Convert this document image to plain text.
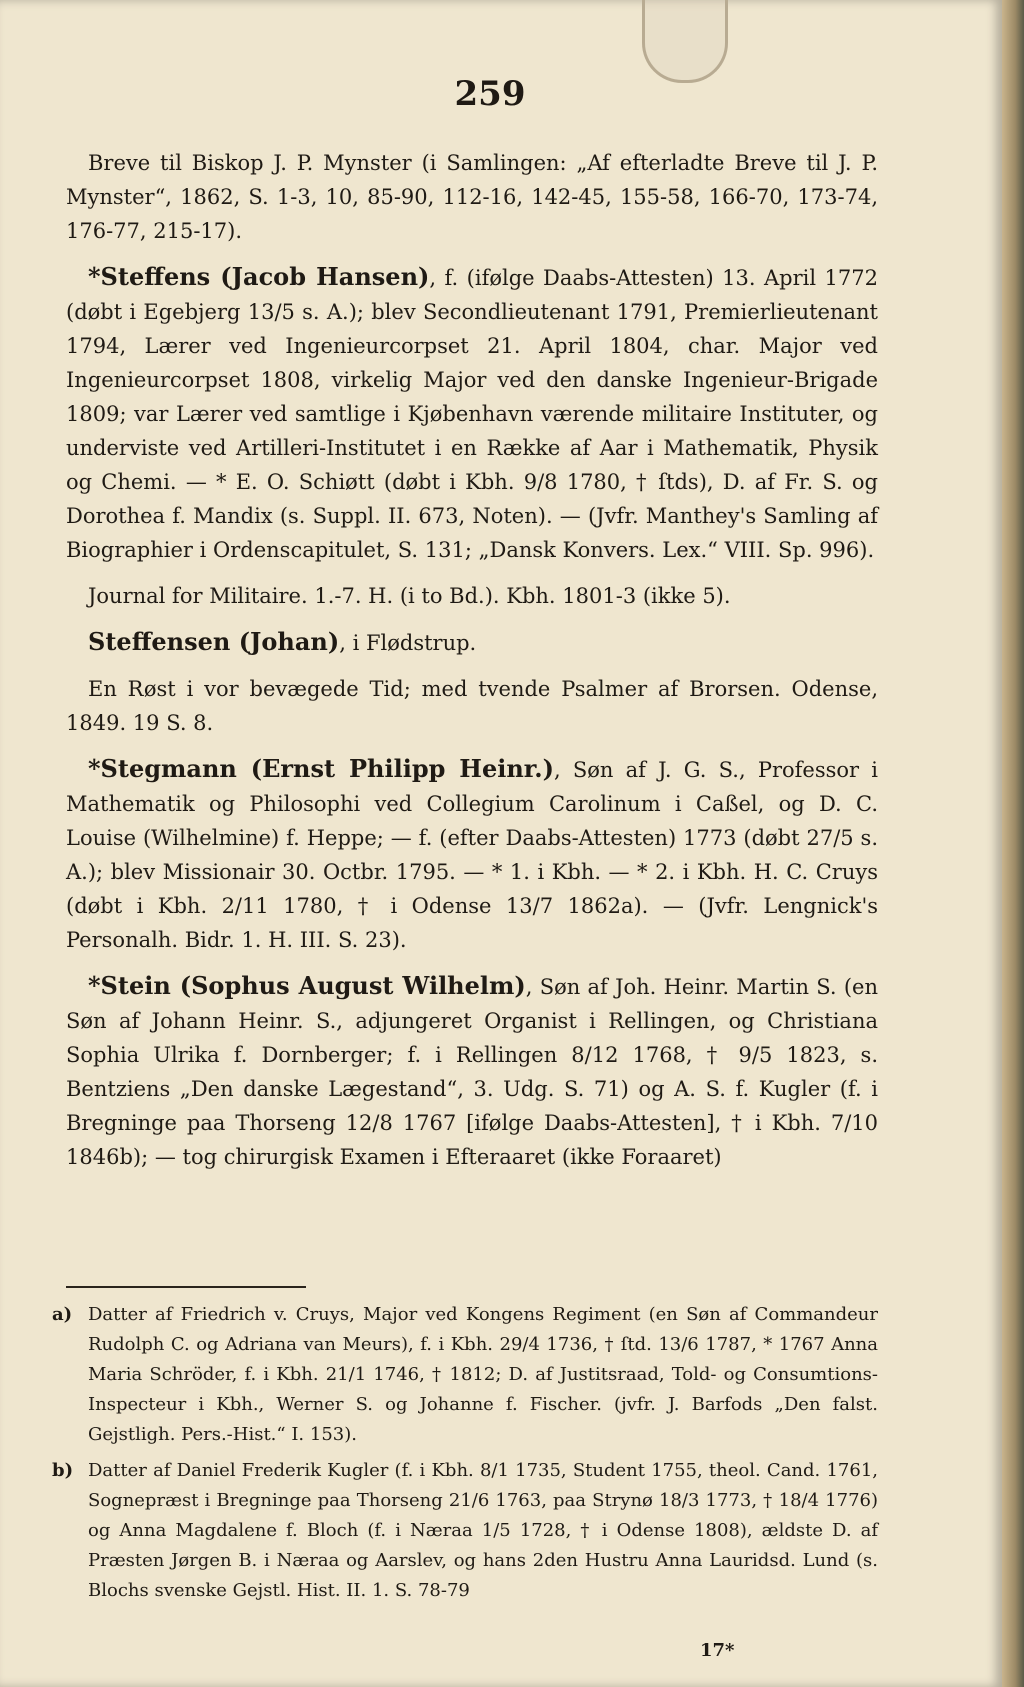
259

Breve til Biskop J. P. Mynster (i Samlingen: „Af efterladte Breve til J. P. Mynster“, 1862, S. 1-3, 10, 85-90, 112-16, 142-45, 155-58, 166-70, 173-74, 176-77, 215-17).

*Steffens (Jacob Hansen), f. (ifølge Daabs-Attesten) 13. April 1772 (døbt i Egebjerg 13/5 s. A.); blev Secondlieutenant 1791, Premierlieutenant 1794, Lærer ved Ingenieurcorpset 21. April 1804, char. Major ved Ingenieurcorpset 1808, virkelig Major ved den danske Ingenieur-Brigade 1809; var Lærer ved samtlige i Kjøbenhavn værende militaire Instituter, og underviste ved Artilleri-Institutet i en Række af Aar i Mathematik, Physik og Chemi. — * E. O. Schiøtt (døbt i Kbh. 9/8 1780, † ſtds), D. af Fr. S. og Dorothea f. Mandix (s. Suppl. II. 673, Noten). — (Jvfr. Manthey's Samling af Biographier i Ordenscapitulet, S. 131; „Dansk Konvers. Lex.“ VIII. Sp. 996).

Journal for Militaire. 1.-7. H. (i to Bd.). Kbh. 1801-3 (ikke 5).

Steffensen (Johan), i Flødstrup.

En Røst i vor bevægede Tid; med tvende Psalmer af Brorsen. Odense, 1849. 19 S. 8.

*Stegmann (Ernst Philipp Heinr.), Søn af J. G. S., Professor i Mathematik og Philosophi ved Collegium Carolinum i Caßel, og D. C. Louise (Wilhelmine) f. Heppe; — f. (efter Daabs-Attesten) 1773 (døbt 27/5 s. A.); blev Missionair 30. Octbr. 1795. — * 1. i Kbh. — * 2. i Kbh. H. C. Cruys (døbt i Kbh. 2/11 1780, † i Odense 13/7 1862a). — (Jvfr. Lengnick's Personalh. Bidr. 1. H. III. S. 23).

*Stein (Sophus August Wilhelm), Søn af Joh. Heinr. Martin S. (en Søn af Johann Heinr. S., adjungeret Organist i Rellingen, og Christiana Sophia Ulrika f. Dornberger; f. i Rellingen 8/12 1768, † 9/5 1823, s. Bentziens „Den danske Lægestand“, 3. Udg. S. 71) og A. S. f. Kugler (f. i Bregninge paa Thorseng 12/8 1767 [ifølge Daabs-Attesten], † i Kbh. 7/10 1846b); — tog chirurgisk Examen i Efteraaret (ikke Foraaret)

a) Datter af Friedrich v. Cruys, Major ved Kongens Regiment (en Søn af Commandeur Rudolph C. og Adriana van Meurs), f. i Kbh. 29/4 1736, † ſtd. 13/6 1787, * 1767 Anna Maria Schröder, f. i Kbh. 21/1 1746, † 1812; D. af Justitsraad, Told- og Consumtions-Inspecteur i Kbh., Werner S. og Johanne f. Fischer. (jvfr. J. Barfods „Den falst. Gejstligh. Pers.-Hist.“ I. 153).
b) Datter af Daniel Frederik Kugler (f. i Kbh. 8/1 1735, Student 1755, theol. Cand. 1761, Sognepræst i Bregninge paa Thorseng 21/6 1763, paa Strynø 18/3 1773, † 18/4 1776) og Anna Magdalene f. Bloch (f. i Næraa 1/5 1728, † i Odense 1808), ældste D. af Præsten Jørgen B. i Næraa og Aarslev, og hans 2den Hustru Anna Lauridsd. Lund (s. Blochs svenske Gejstl. Hist. II. 1. S. 78-79
17*
